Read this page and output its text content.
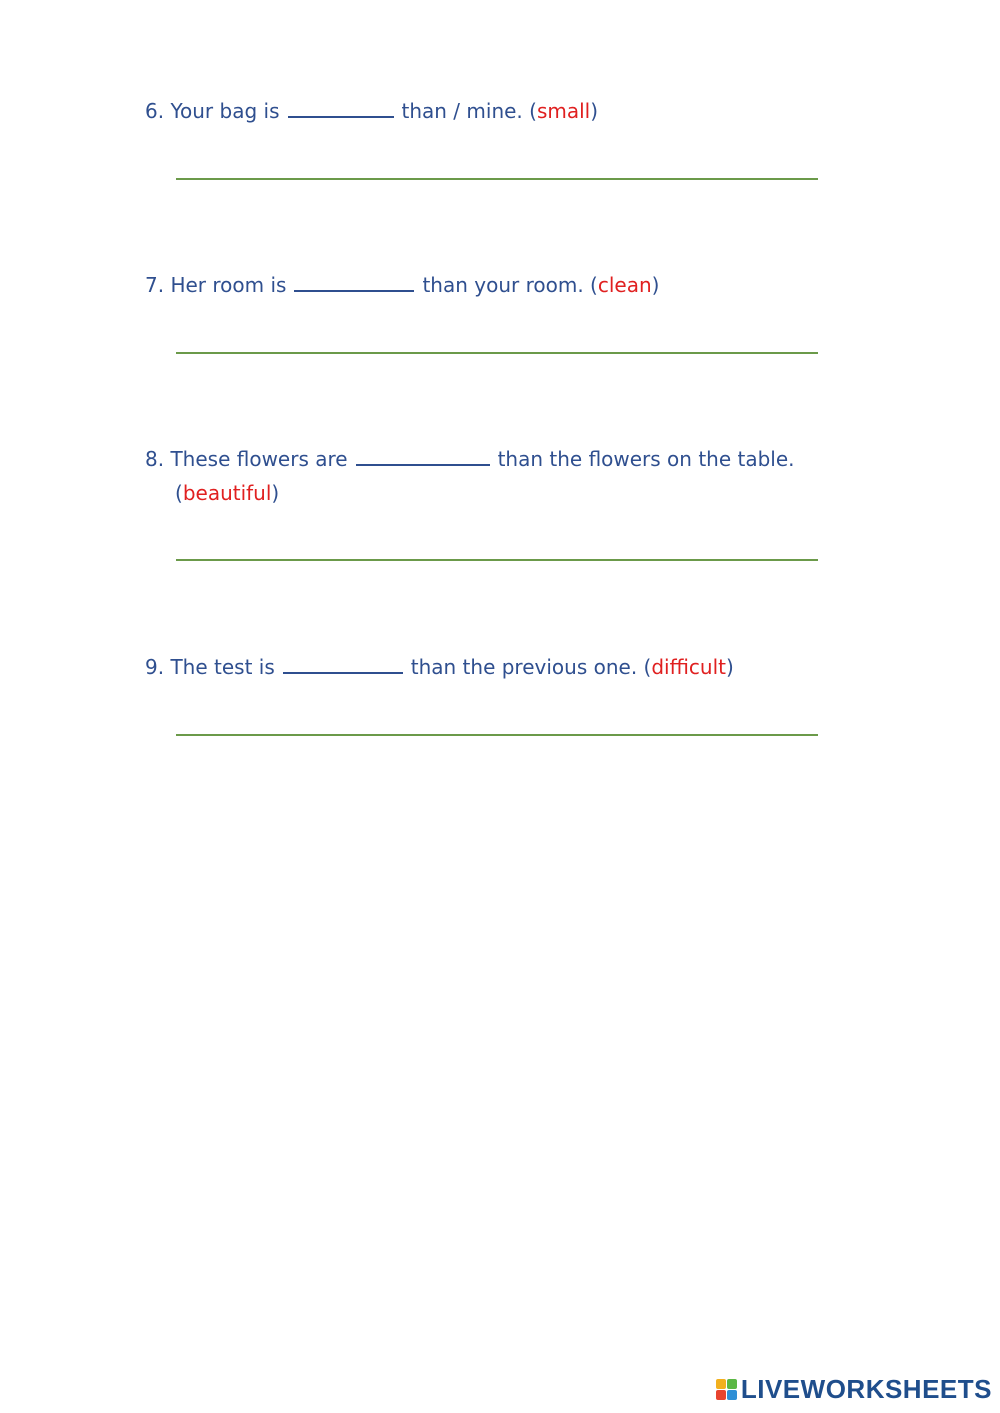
6. Your bag is	than / mine. (small)
7. Her room is	than your room. (clean)
8. These flowers are	than the flowers on the table.
(beautiful)
9. The test is	than the previous one. (difficult)
LIVEWORKSHEETS
